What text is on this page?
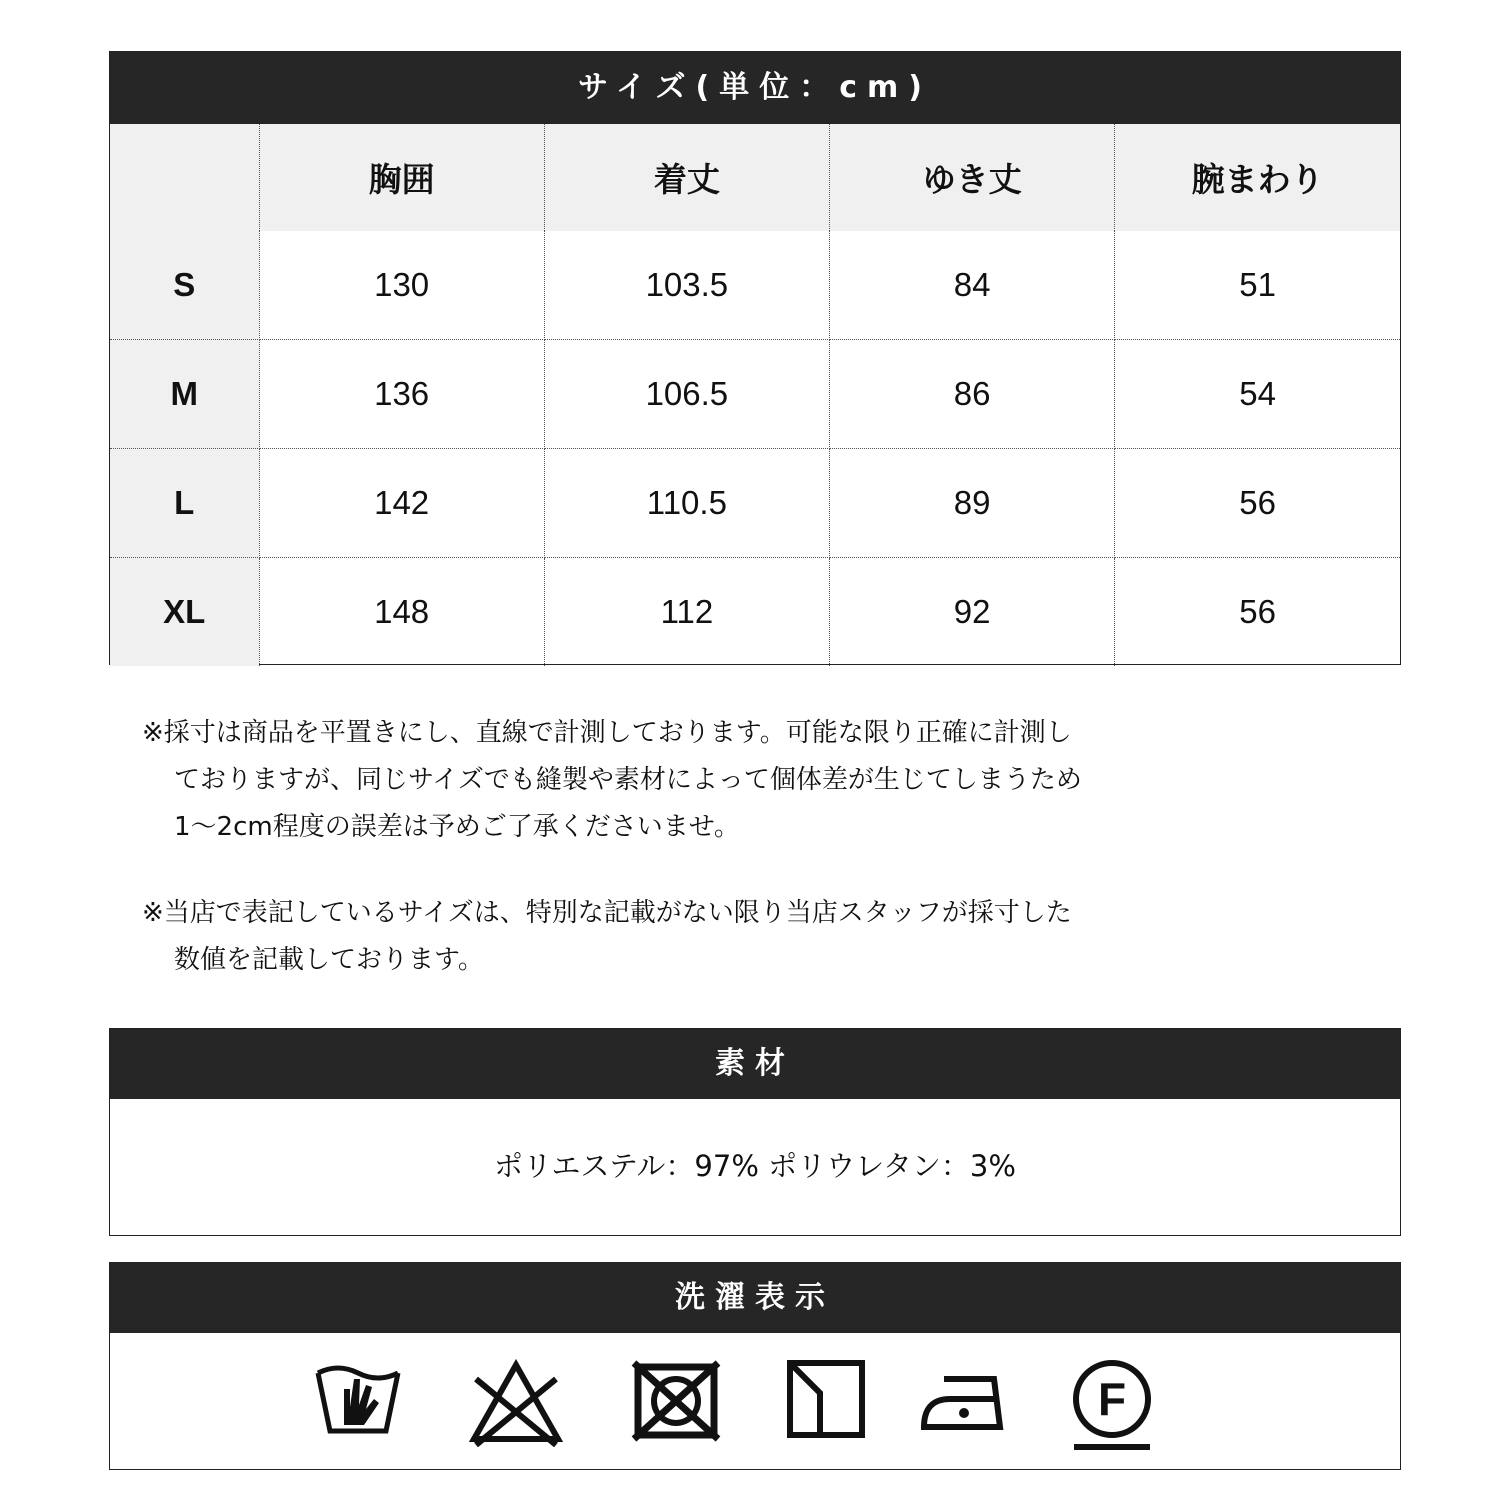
サイズ(単位：cm)
	胸囲	着丈	ゆき丈	腕まわり
S	130	103.5	84	51
M	136	106.5	86	54
L	142	110.5	89	56
XL	148	112	92	56
※採寸は商品を平置きにし、直線で計測しております。可能な限り正確に計測し
ておりますが、同じサイズでも縫製や素材によって個体差が生じてしまうため
1〜2cm程度の誤差は予めご了承くださいませ。
※当店で表記しているサイズは、特別な記載がない限り当店スタッフが採寸した
数値を記載しております。
素材
ポリエステル：97% ポリウレタン：3%
洗濯表示
F
